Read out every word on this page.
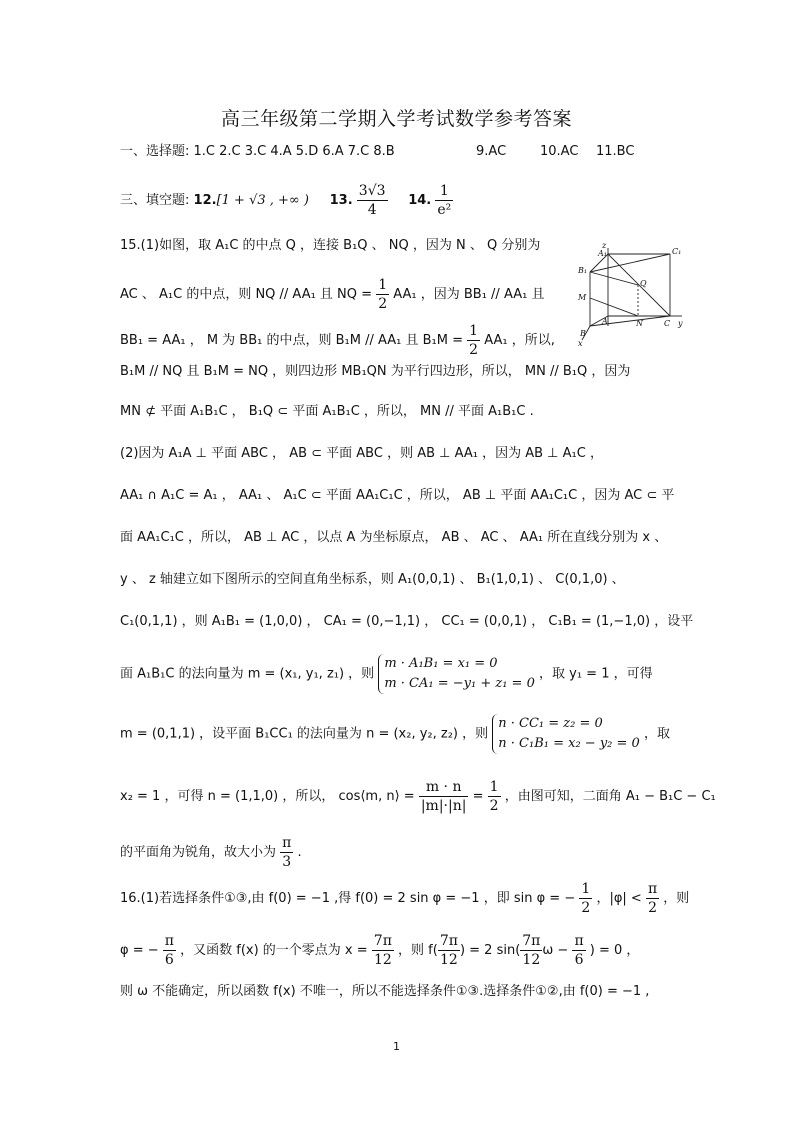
高三年级第二学期入学考试数学参考答案
一、选择题: 1.C 2.C 3.C 4.A 5.D 6.A 7.C 8.B	9.AC	10.AC 11.BC
三、填空题: 12.[1 + √3 , +∞ ) 13. $\frac{3√3}{4} 14$. $\frac{1}{\text{e²}}$
15.(1)如图，取 A₁C 的中点 Q ，连接 B₁Q 、 NQ ，因为 N 、 Q 分别为
AC 、 A₁C 的中点，则 NQ // AA₁ 且 NQ = $\frac{1}{2} AA_1$ ，因为 BB₁ // AA₁ 且
BB₁ = AA₁ ， M 为 BB₁ 的中点，则 B₁M // AA₁ 且 $B_1M = \frac{1}{2} AA_1$ ，所以,
B₁M // NQ 且 B₁M = NQ ，则四边形 MB₁QN 为平行四边形，所以， MN // B₁Q ，因为
MN ⊄ 平面 A₁B₁C ， B₁Q ⊂ 平面 A₁B₁C ，所以， MN // 平面 A₁B₁C .
z
A₁	C₁
B₁
Q
M
A	N	C y
B
x
(2)因为 A₁A ⊥ 平面 ABC ， AB ⊂ 平面 ABC ，则 AB ⊥ AA₁ ，因为 AB ⊥ A₁C ，
AA₁ ∩ A₁C = A₁ ， AA₁ 、 A₁C ⊂ 平面 AA₁C₁C ，所以， AB ⊥ 平面 AA₁C₁C ，因为 AC ⊂ 平
面 AA₁C₁C ，所以， AB ⊥ AC ，以点 A 为坐标原点， AB 、 AC 、 AA₁ 所在直线分别为 x 、
y 、 z 轴建立如下图所示的空间直角坐标系，则 A₁(0,0,1) 、 B₁(1,0,1) 、 C(0,1,0) 、
C₁(0,1,1) ，则 A₁B₁ = (1,0,0) ， CA₁ = (0,−1,1) ， CC₁ = (0,0,1) ， C₁B₁ = (1,−1,0) ，设平
面 A₁B₁C 的法向量为 m = (x₁, y₁, z₁) ，则
m · A₁B₁ = x₁ = 0
m · CA₁ = −y₁ + z₁ = 0
，取 y₁ = 1 ，可得
m = (0,1,1) ，设平面 B₁CC₁ 的法向量为 n = (x₂, y₂, z₂) ，则
n · CC₁ = z₂ = 0
n · C₁B₁ = x₂ − y₂ = 0
，取
x₂ = 1 ，可得 n = (1,1,0) ，所以， cos⟨m, n⟩ = $\frac{m \cdot n}{|m|\cdot|n|} = \frac{1}{2}$ ，由图可知，二面角 A₁ − B₁C − C₁
的平面角为锐角，故大小为 $\frac{\pi}{3}$ .
16.(1)若选择条件①③,由 f(0) = −1 ,得 f(0) = 2 sin φ = −1 ，即 sin φ = − $\frac{1}{2}$ ，$|\varphi| < \frac{\pi}{2}$ ，则
φ = − $\frac{\pi}{6}$ ，又函数 f(x) 的一个零点为 $x = \frac{7\pi}{12}$ ，则 $f( \frac{7\pi}{12}$ ) = 2 $\sin( \frac{7\pi}{12}$ $\omega - \frac{\pi}{6}$ ) = 0 ，
则 ω 不能确定，所以函数 f(x) 不唯一，所以不能选择条件①③.选择条件①②,由 f(0) = −1 ,
1
